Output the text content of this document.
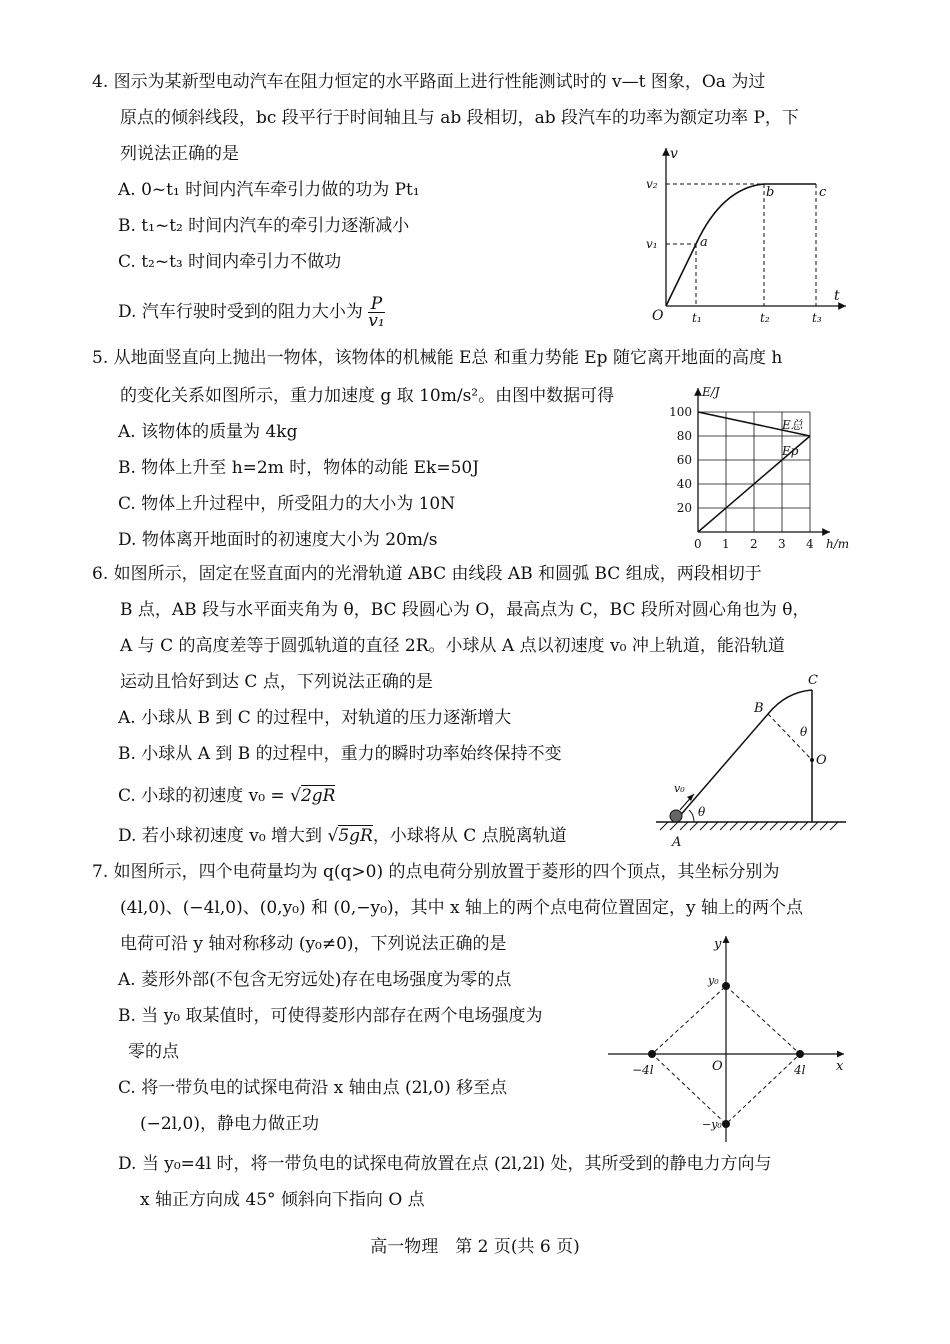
4. 图示为某新型电动汽车在阻力恒定的水平路面上进行性能测试时的 v—t 图象，Oa 为过
原点的倾斜线段，bc 段平行于时间轴且与 ab 段相切，ab 段汽车的功率为额定功率 P，下
列说法正确的是
A. 0~t₁ 时间内汽车牵引力做的功为 Pt₁
B. t₁~t₂ 时间内汽车的牵引力逐渐减小
C. t₂~t₃ 时间内牵引力不做功
D. 汽车行驶时受到的阻力大小为 $\frac{P}{\text{v₁}}$
v
t
O
v₁
v₂
t₁	t₂	t₃
a
b	c
5. 从地面竖直向上抛出一物体，该物体的机械能 E总 和重力势能 Ep 随它离开地面的高度 h
的变化关系如图所示，重力加速度 g 取 10m/s²。由图中数据可得
A. 该物体的质量为 4kg
B. 物体上升至 h=2m 时，物体的动能 Ek=50J
C. 物体上升过程中，所受阻力的大小为 10N
D. 物体离开地面时的初速度大小为 20m/s	0 1 2 3 4
20
40
60
80
100
E总
Ep
E/J
h/m
6. 如图所示，固定在竖直面内的光滑轨道 ABC 由线段 AB 和圆弧 BC 组成，两段相切于
B 点，AB 段与水平面夹角为 θ，BC 段圆心为 O，最高点为 C，BC 段所对圆心角也为 θ，
A 与 C 的高度差等于圆弧轨道的直径 2R。小球从 A 点以初速度 v₀ 冲上轨道，能沿轨道
运动且恰好到达 C 点，下列说法正确的是
A. 小球从 B 到 C 的过程中，对轨道的压力逐渐增大
B. 小球从 A 到 B 的过程中，重力的瞬时功率始终保持不变
C. 小球的初速度 v₀ = √2gR
D. 若小球初速度 v₀ 增大到 √5gR，小球将从 C 点脱离轨道	A
B
C
O
θ
θ
v₀
7. 如图所示，四个电荷量均为 q(q>0) 的点电荷分别放置于菱形的四个顶点，其坐标分别为
(4l,0)、(−4l,0)、(0,y₀) 和 (0,−y₀)，其中 x 轴上的两个点电荷位置固定，y 轴上的两个点
电荷可沿 y 轴对称移动 (y₀≠0)，下列说法正确的是
A. 菱形外部(不包含无穷远处)存在电场强度为零的点
B. 当 y₀ 取某值时，可使得菱形内部存在两个电场强度为
零的点
C. 将一带负电的试探电荷沿 x 轴由点 (2l,0) 移至点
(−2l,0)，静电力做正功
D. 当 y₀=4l 时，将一带负电的试探电荷放置在点 (2l,2l) 处，其所受到的静电力方向与
x 轴正方向成 45° 倾斜向下指向 O 点
y
x
O
y₀
−y₀
4l
−4l
高一物理　第 2 页(共 6 页)
